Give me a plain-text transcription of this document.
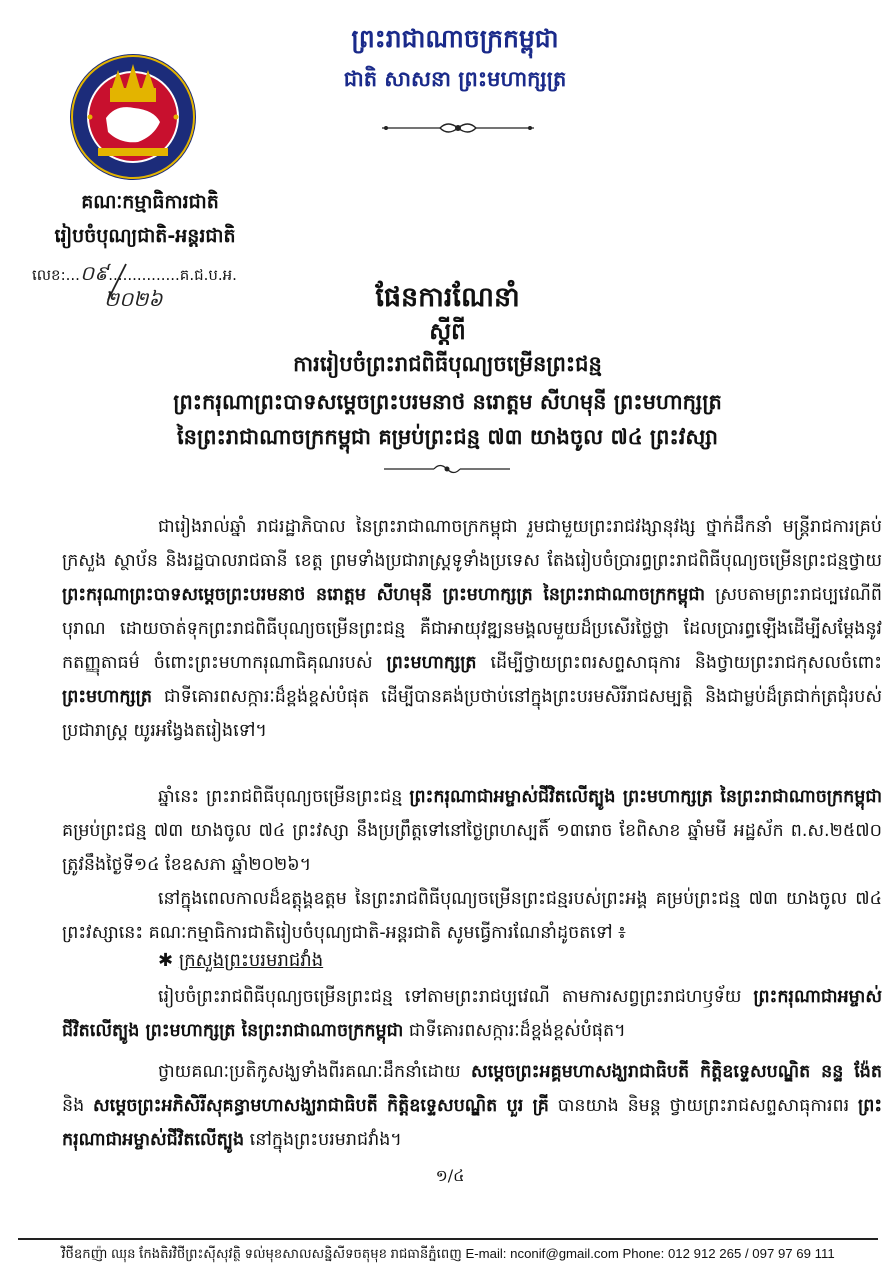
ព្រះរាជាណាចក្រកម្ពុជា
ជាតិ សាសនា ព្រះមហាក្សត្រ
គណៈកម្មាធិការជាតិ
រៀបចំបុណ្យជាតិ-អន្តរជាតិ
លេខ:...០៩...............គ.ជ.ប.អ.
២០២៦	ផែនការណែនាំ
ស្តីពី
ការរៀបចំព្រះរាជពិធីបុណ្យចម្រើនព្រះជន្ម
ព្រះករុណាព្រះបាទសម្តេចព្រះបរមនាថ នរោត្តម សីហមុនី ព្រះមហាក្សត្រ
នៃព្រះរាជាណាចក្រកម្ពុជា គម្រប់ព្រះជន្ម ៧៣ យាងចូល ៧៤ ព្រះវស្សា
ជារៀងរាល់ឆ្នាំ រាជរដ្ឋាភិបាល នៃព្រះរាជាណាចក្រកម្ពុជា រួមជាមួយព្រះរាជវង្សានុវង្ស ថ្នាក់ដឹកនាំ មន្ត្រីរាជការគ្រប់ក្រសួង ស្ថាប័ន និងរដ្ឋបាលរាជធានី ខេត្ត ព្រមទាំងប្រជារាស្ត្រទូទាំងប្រទេស តែងរៀបចំប្រារព្ធព្រះរាជពិធីបុណ្យចម្រើនព្រះជន្មថ្វាយ ព្រះករុណាព្រះបាទសម្តេចព្រះបរមនាថ នរោត្តម សីហមុនី ព្រះមហាក្សត្រ នៃព្រះរាជាណាចក្រកម្ពុជា ស្របតាមព្រះរាជប្បវេណីពីបុរាណ ដោយចាត់ទុកព្រះរាជពិធីបុណ្យចម្រើនព្រះជន្ម គឺជាអាយុវឌ្ឍនមង្គលមួយដ៏ប្រសើរថ្លៃថ្លា ដែលប្រារព្ធឡើងដើម្បីសម្តែងនូវកតញ្ញុតាធម៌ ចំពោះព្រះមហាករុណាធិគុណរបស់ ព្រះមហាក្សត្រ ដើម្បីថ្វាយព្រះពរសព្ទសាធុការ និងថ្វាយព្រះរាជកុសលចំពោះ ព្រះមហាក្សត្រ ជាទីគោរពសក្ការៈដ៏ខ្ពង់ខ្ពស់បំផុត ដើម្បីបានគង់ប្រថាប់នៅក្នុងព្រះបរមសិរីរាជសម្បត្តិ និងជាម្លប់ដ៏ត្រជាក់ត្រជុំរបស់ប្រជារាស្ត្រ យូរអង្វែងតរៀងទៅ។
ឆ្នាំនេះ ព្រះរាជពិធីបុណ្យចម្រើនព្រះជន្ម ព្រះករុណាជាអម្ចាស់ជីវិតលើត្បូង ព្រះមហាក្សត្រ នៃព្រះរាជាណាចក្រកម្ពុជា គម្រប់ព្រះជន្ម ៧៣ យាងចូល ៧៤ ព្រះវស្សា នឹងប្រព្រឹត្តទៅនៅថ្ងៃព្រហស្បតិ៍ ១៣រោច ខែពិសាខ ឆ្នាំមមី អដ្ឋស័ក ព.ស.២៥៧០ ត្រូវនឹងថ្ងៃទី១៤ ខែឧសភា ឆ្នាំ២០២៦។
នៅក្នុងពេលកាលដ៏ឧត្តុង្គឧត្តម នៃព្រះរាជពិធីបុណ្យចម្រើនព្រះជន្មរបស់ព្រះអង្គ គម្រប់ព្រះជន្ម ៧៣ យាងចូល ៧៤ ព្រះវស្សានេះ គណៈកម្មាធិការជាតិរៀបចំបុណ្យជាតិ-អន្តរជាតិ សូមធ្វើការណែនាំដូចតទៅ ៖
✱ ក្រសួងព្រះបរមរាជវាំង
រៀបចំព្រះរាជពិធីបុណ្យចម្រើនព្រះជន្ម ទៅតាមព្រះរាជប្បវេណី តាមការសព្វព្រះរាជហឫទ័យ ព្រះករុណាជាអម្ចាស់ជីវិតលើត្បូង ព្រះមហាក្សត្រ នៃព្រះរាជាណាចក្រកម្ពុជា ជាទីគោរពសក្ការៈដ៏ខ្ពង់ខ្ពស់បំផុត។
ថ្វាយគណៈប្រតិកូសង្ឃទាំងពីរគណៈដឹកនាំដោយ សម្តេចព្រះអគ្គមហាសង្ឃរាជាធិបតី កិត្តិឧទ្ទេសបណ្ឌិត នន្ទ ង៉ែត និង សម្តេចព្រះអភិសិរីសុគន្ធាមហាសង្ឃរាជាធិបតី កិត្តិឧទ្ទេសបណ្ឌិត បួរ គ្រី បានយាង និមន្ត ថ្វាយព្រះរាជសព្ទសាធុការពរ ព្រះករុណាជាអម្ចាស់ជីវិតលើត្បូង នៅក្នុងព្រះបរមរាជវាំង។
១/៤
វិថីឧកញ៉ា ឈុន កែងតិរវិថីព្រះស៊ីសុវត្ថិ ទល់មុខសាលសន្និសីទចតុមុខ រាជធានីភ្នំពេញ E-mail: nconif@gmail.com Phone: 012 912 265 / 097 97 69 111
